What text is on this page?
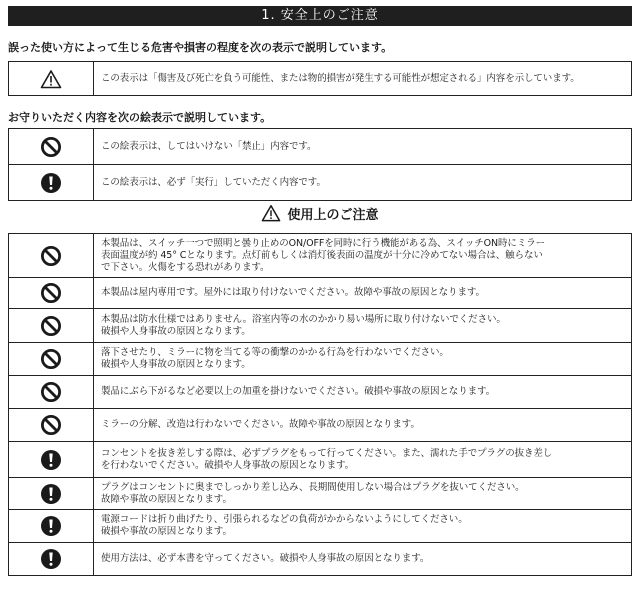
1. 安全上のご注意
誤った使い方によって生じる危害や損害の程度を次の表示で説明しています。
	この表示は「傷害及び死亡を負う可能性、または物的損害が発生する可能性が想定される」内容を示しています。
お守りいただく内容を次の絵表示で説明しています。
	この絵表示は、してはいけない「禁止」内容です。
	この絵表示は、必ず「実行」していただく内容です。
使用上のご注意

本製品は、スイッチ一つで照明と曇り止めのON/OFFを同時に行う機能がある為、スイッチON時にミラー
表面温度が約 45° Cとなります。点灯前もしくは消灯後表面の温度が十分に冷めてない場合は、触らない
で下さい。火傷をする恐れがあります。

本製品は屋内専用です。屋外には取り付けないでください。故障や事故の原因となります。

本製品は防水仕様ではありません。浴室内等の水のかかり易い場所に取り付けないでください。
破損や人身事故の原因となります。

落下させたり、ミラーに物を当てる等の衝撃のかかる行為を行わないでください。
破損や人身事故の原因となります。

製品にぶら下がるなど必要以上の加重を掛けないでください。破損や事故の原因となります。

ミラーの分解、改造は行わないでください。故障や事故の原因となります。

コンセントを抜き差しする際は、必ずプラグをもって行ってください。また、濡れた手でプラグの抜き差し
を行わないでください。破損や人身事故の原因となります。

プラグはコンセントに奥までしっかり差し込み、長期間使用しない場合はプラグを抜いてください。
故障や事故の原因となります。

電源コードは折り曲げたり、引張られるなどの負荷がかからないようにしてください。
破損や事故の原因となります。

使用方法は、必ず本書を守ってください。破損や人身事故の原因となります。
